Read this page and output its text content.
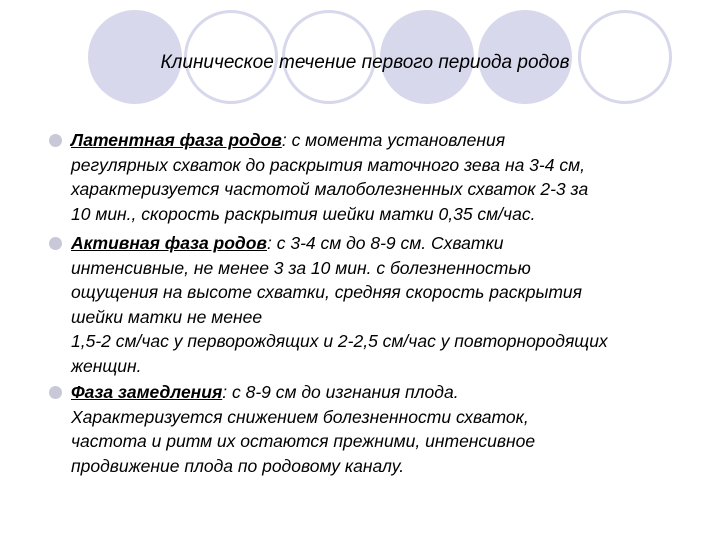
Клиническое течение первого периода родов
Латентная фаза родов: с момента установления
регулярных схваток до раскрытия маточного зева на 3-4 см,
характеризуется частотой малоболезненных схваток 2-3 за
10 мин., скорость раскрытия шейки матки 0,35 см/час.
Активная фаза родов: с 3-4 см до 8-9 см. Схватки
интенсивные, не менее 3 за 10 мин. с болезненностью
ощущения на высоте схватки, средняя скорость раскрытия
шейки матки не менее
1,5-2 см/час у перворождящих и 2-2,5 см/час у повторнородящих
женщин.
Фаза замедления: с 8-9 см до изгнания плода.
Характеризуется снижением болезненности схваток,
частота и ритм их остаются прежними, интенсивное
продвижение плода по родовому каналу.
